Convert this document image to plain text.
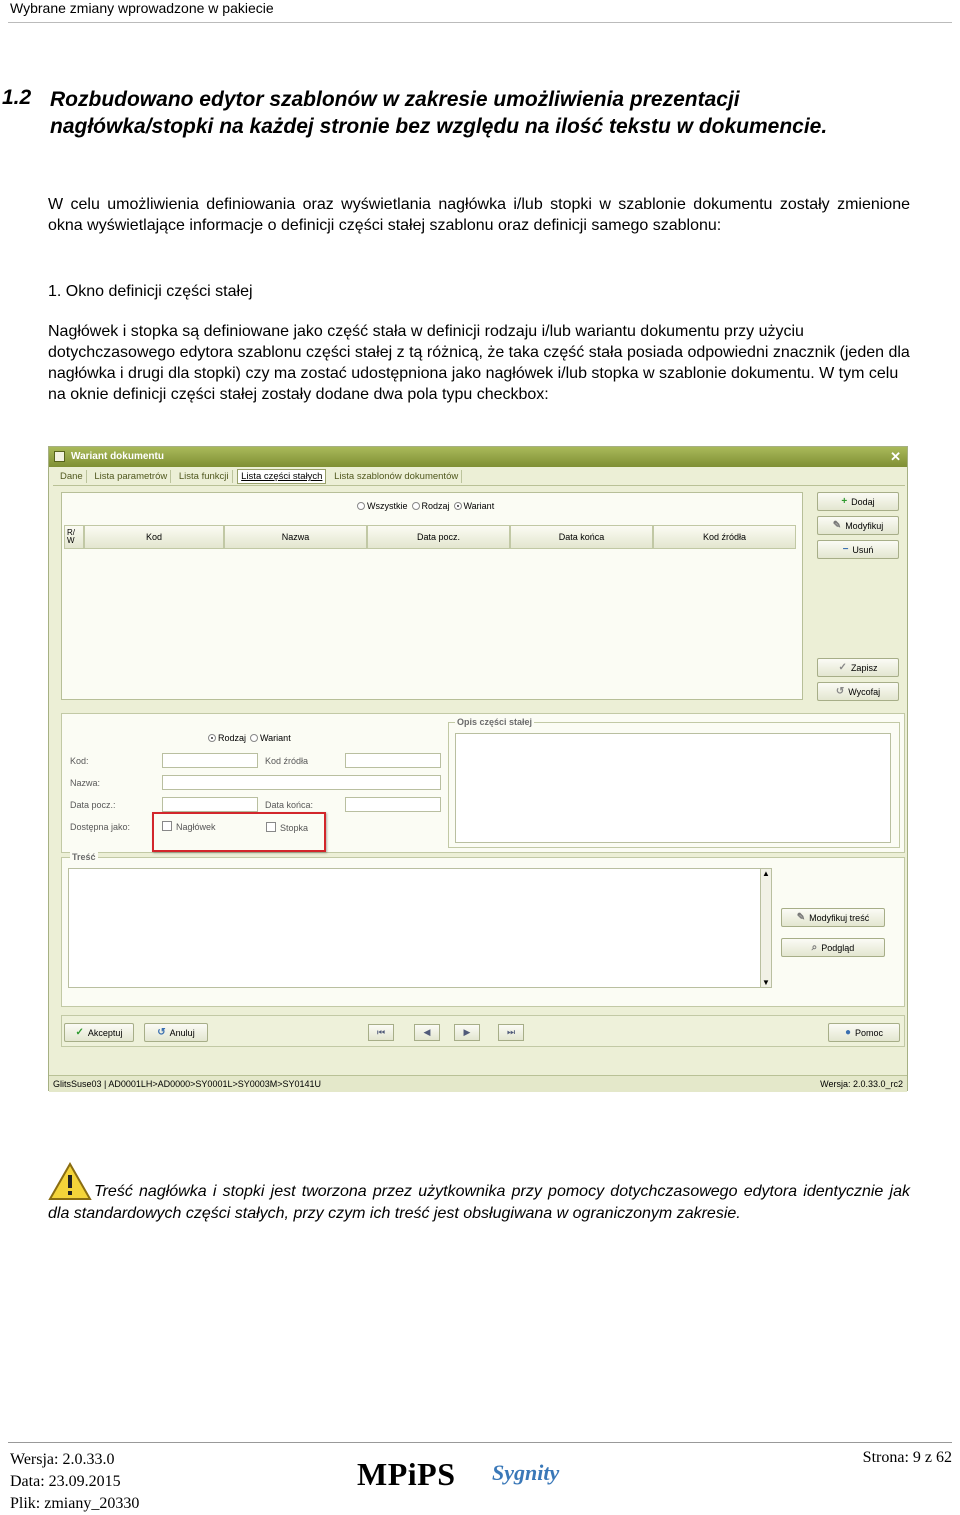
Wybrane zmiany wprowadzone w pakiecie
1.2 Rozbudowano edytor szablonów w zakresie umożliwienia prezentacji nagłówka/stopki na każdej stronie bez względu na ilość tekstu w dokumencie.
W celu umożliwienia definiowania oraz wyświetlania nagłówka i/lub stopki w szablonie dokumentu zostały zmienione okna wyświetlające informacje o definicji części stałej szablonu oraz definicji samego szablonu:
1. Okno definicji części stałej
Nagłówek i stopka są definiowane jako część stała w definicji rodzaju i/lub wariantu dokumentu przy użyciu dotychczasowego edytora szablonu części stałej z tą różnicą, że taka część stała posiada odpowiedni znacznik (jeden dla nagłówka i drugi dla stopki) czy ma zostać udostępniona jako nagłówek i/lub stopka w szablonie dokumentu. W tym celu na oknie definicji części stałej zostały dodane dwa pola typu checkbox:
Wariant dokumentu	✕
Dane Lista parametrów Lista funkcji Lista części stałych Lista szablonów dokumentów
Wszystkie Rodzaj Wariant
R/ W	Kod	Nazwa	Data pocz.	Data końca	Kod źródła
+ Dodaj
✎ Modyfikuj
− Usuń
✓ Zapisz
↺ Wycofaj
Rodzaj Wariant
Kod:	Kod źródła
Nazwa:
Data pocz.:	Data końca:
Dostępna jako:	Nagłówek	Stopka
Opis części stałej
Treść
▲
▼
✎ Modyfikuj treść
⌕ Podgląd
✓ Akceptuj	↺ Anuluj	⏮	◀	▶	⏭	● Pomoc
GlitsSuse03 | AD0001LH>AD0000>SY0001L>SY0003M>SY0141U	Wersja: 2.0.33.0_rc2
Treść nagłówka i stopki jest tworzona przez użytkownika przy pomocy dotychczasowego edytora identycznie jak dla standardowych części stałych, przy czym ich treść jest obsługiwana w ograniczonym zakresie.
Wersja: 2.0.33.0
Data: 23.09.2015
Plik: zmiany_20330
MPiPS Sygnity
Strona: 9 z 62
